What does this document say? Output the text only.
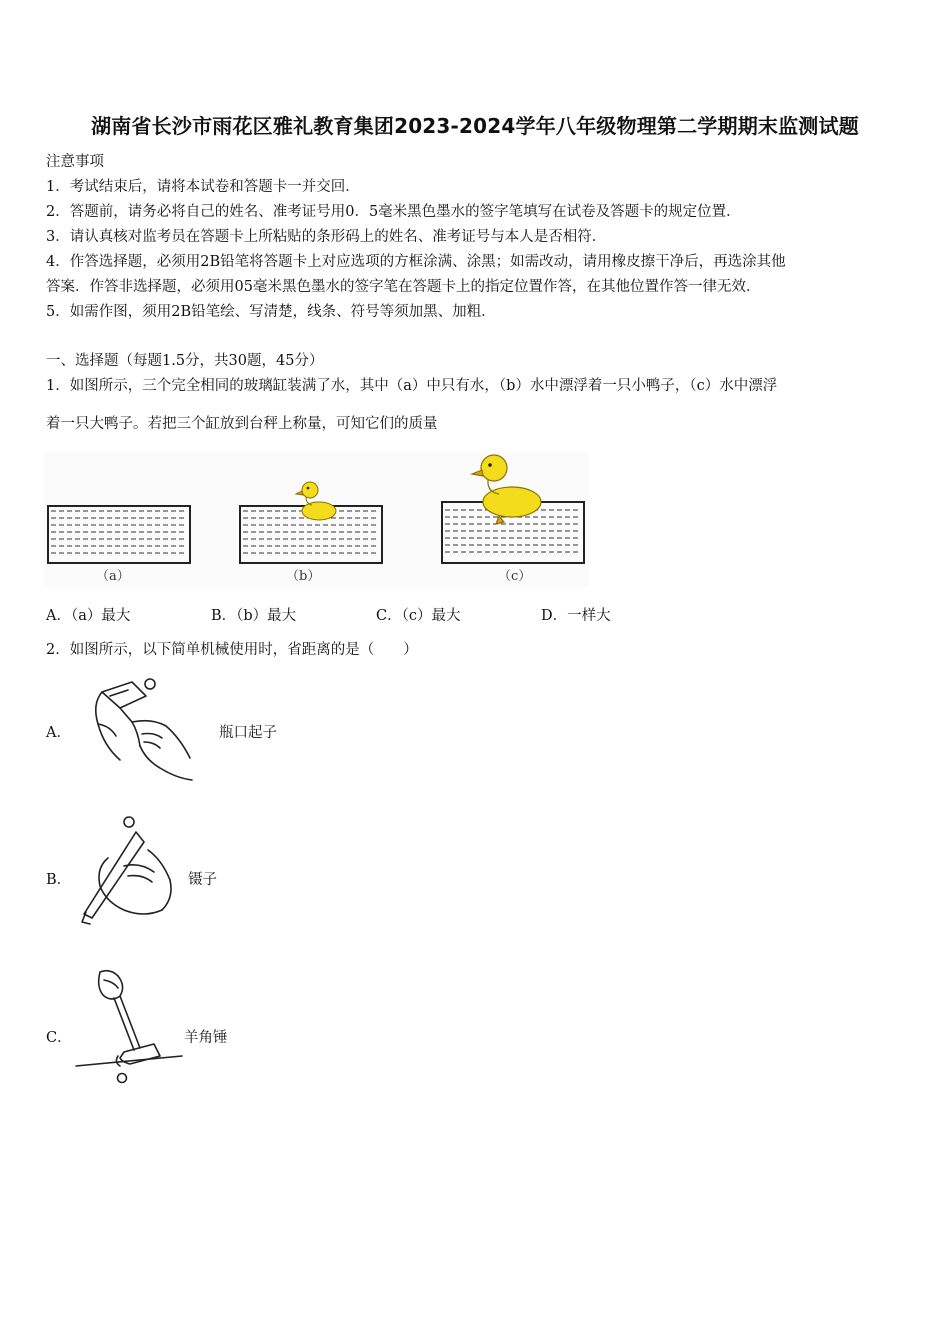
湖南省长沙市雨花区雅礼教育集团2023-2024学年八年级物理第二学期期末监测试题
注意事项
1．考试结束后，请将本试卷和答题卡一并交回．
2．答题前，请务必将自己的姓名、准考证号用0．5毫米黑色墨水的签字笔填写在试卷及答题卡的规定位置．
3．请认真核对监考员在答题卡上所粘贴的条形码上的姓名、准考证号与本人是否相符．
4．作答选择题，必须用2B铅笔将答题卡上对应选项的方框涂满、涂黑；如需改动，请用橡皮擦干净后，再选涂其他
答案．作答非选择题，必须用05毫米黑色墨水的签字笔在答题卡上的指定位置作答，在其他位置作答一律无效．
5．如需作图，须用2B铅笔绘、写清楚，线条、符号等须加黑、加粗．
一、选择题（每题1.5分，共30题，45分）
1．如图所示，三个完全相同的玻璃缸装满了水，其中（a）中只有水，（b）水中漂浮着一只小鸭子，（c）水中漂浮
着一只大鸭子。若把三个缸放到台秤上称量，可知它们的质量
（a）	（b）	（c）
A．（a）最大	B．（b）最大	C．（c）最大	D．一样大
2．如图所示，以下简单机械使用时，省距离的是（　　）
A．	瓶口起子
B．	镊子
C．	羊角锤
